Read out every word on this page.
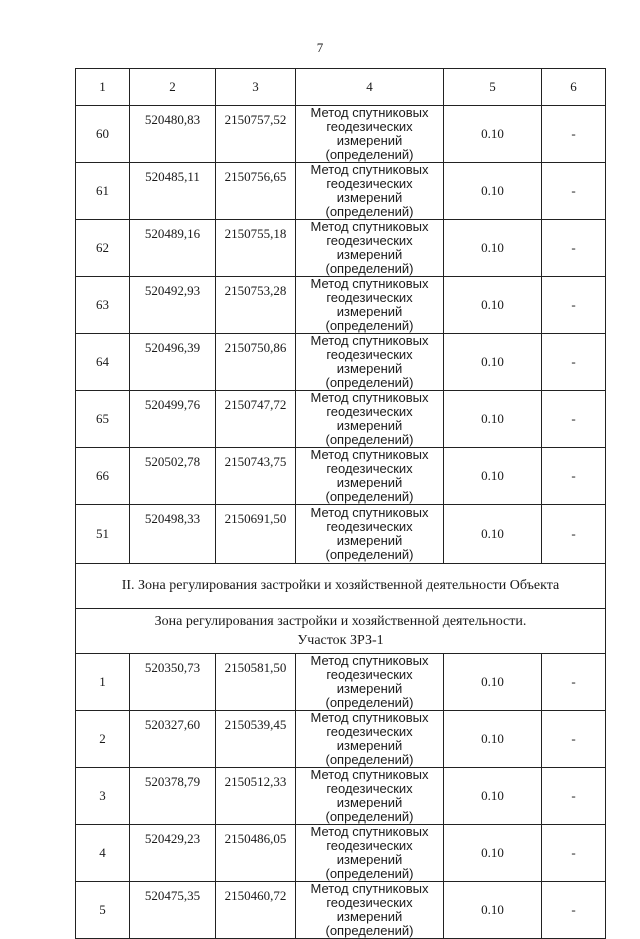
7
1	2	3	4	5	6
60	520480,83	2150757,52	Метод спутниковых геодезических измерений (определений)	0.10	-
61	520485,11	2150756,65	Метод спутниковых геодезических измерений (определений)	0.10	-
62	520489,16	2150755,18	Метод спутниковых геодезических измерений (определений)	0.10	-
63	520492,93	2150753,28	Метод спутниковых геодезических измерений (определений)	0.10	-
64	520496,39	2150750,86	Метод спутниковых геодезических измерений (определений)	0.10	-
65	520499,76	2150747,72	Метод спутниковых геодезических измерений (определений)	0.10	-
66	520502,78	2150743,75	Метод спутниковых геодезических измерений (определений)	0.10	-
51	520498,33	2150691,50	Метод спутниковых геодезических измерений (определений)	0.10	-
II. Зона регулирования застройки и хозяйственной деятельности Объекта					

Зона регулирования застройки и хозяйственной деятельности.
Участок ЗРЗ-1					

1	520350,73	2150581,50	Метод спутниковых геодезических измерений (определений)	0.10	-
2	520327,60	2150539,45	Метод спутниковых геодезических измерений (определений)	0.10	-
3	520378,79	2150512,33	Метод спутниковых геодезических измерений (определений)	0.10	-
4	520429,23	2150486,05	Метод спутниковых геодезических измерений (определений)	0.10	-
5	520475,35	2150460,72	Метод спутниковых геодезических измерений (определений)	0.10	-
